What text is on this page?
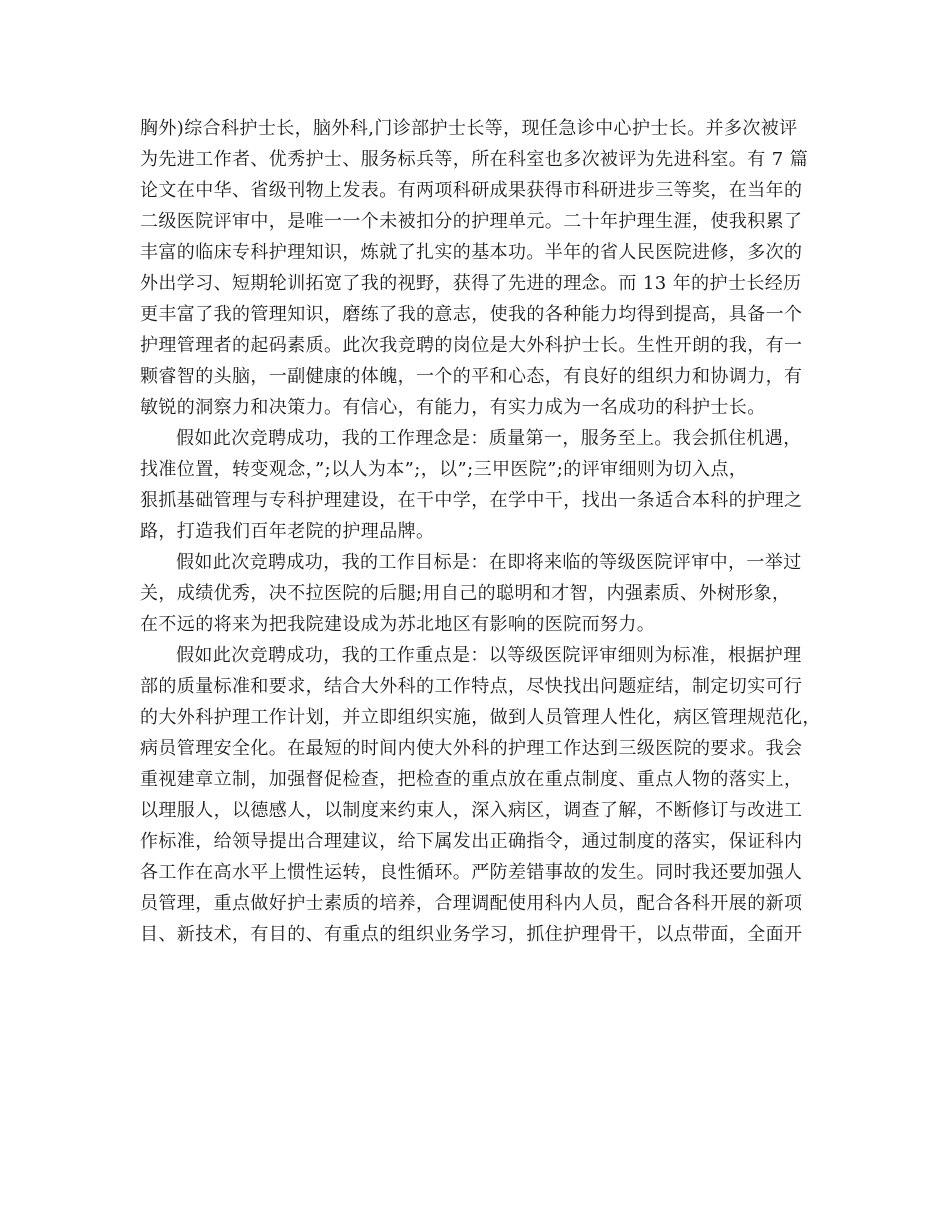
胸外)综合科护士长，脑外科,门诊部护士长等，现任急诊中心护士长。并多次被评
为先进工作者、优秀护士、服务标兵等，所在科室也多次被评为先进科室。有 7 篇
论文在中华、省级刊物上发表。有两项科研成果获得市科研进步三等奖，在当年的
二级医院评审中，是唯一一个未被扣分的护理单元。二十年护理生涯，使我积累了
丰富的临床专科护理知识，炼就了扎实的基本功。半年的省人民医院进修，多次的
外出学习、短期轮训拓宽了我的视野，获得了先进的理念。而 13 年的护士长经历
更丰富了我的管理知识，磨练了我的意志，使我的各种能力均得到提高，具备一个
护理管理者的起码素质。此次我竞聘的岗位是大外科护士长。生性开朗的我，有一
颗睿智的头脑，一副健康的体魄，一个的平和心态，有良好的组织力和协调力，有
敏锐的洞察力和决策力。有信心，有能力，有实力成为一名成功的科护士长。
假如此次竞聘成功，我的工作理念是：质量第一，服务至上。我会抓住机遇，
找准位置，转变观念，”;以人为本”;，以”;三甲医院”;的评审细则为切入点，
狠抓基础管理与专科护理建设，在干中学，在学中干，找出一条适合本科的护理之
路，打造我们百年老院的护理品牌。
假如此次竞聘成功，我的工作目标是：在即将来临的等级医院评审中，一举过
关，成绩优秀，决不拉医院的后腿;用自己的聪明和才智，内强素质、外树形象，
在不远的将来为把我院建设成为苏北地区有影响的医院而努力。
假如此次竞聘成功，我的工作重点是：以等级医院评审细则为标准，根据护理
部的质量标准和要求，结合大外科的工作特点，尽快找出问题症结，制定切实可行
的大外科护理工作计划，并立即组织实施，做到人员管理人性化，病区管理规范化，
病员管理安全化。在最短的时间内使大外科的护理工作达到三级医院的要求。我会
重视建章立制，加强督促检查，把检查的重点放在重点制度、重点人物的落实上，
以理服人，以德感人，以制度来约束人，深入病区，调查了解，不断修订与改进工
作标准，给领导提出合理建议，给下属发出正确指令，通过制度的落实，保证科内
各工作在高水平上惯性运转，良性循环。严防差错事故的发生。同时我还要加强人
员管理，重点做好护士素质的培养，合理调配使用科内人员，配合各科开展的新项
目、新技术，有目的、有重点的组织业务学习，抓住护理骨干，以点带面，全面开
